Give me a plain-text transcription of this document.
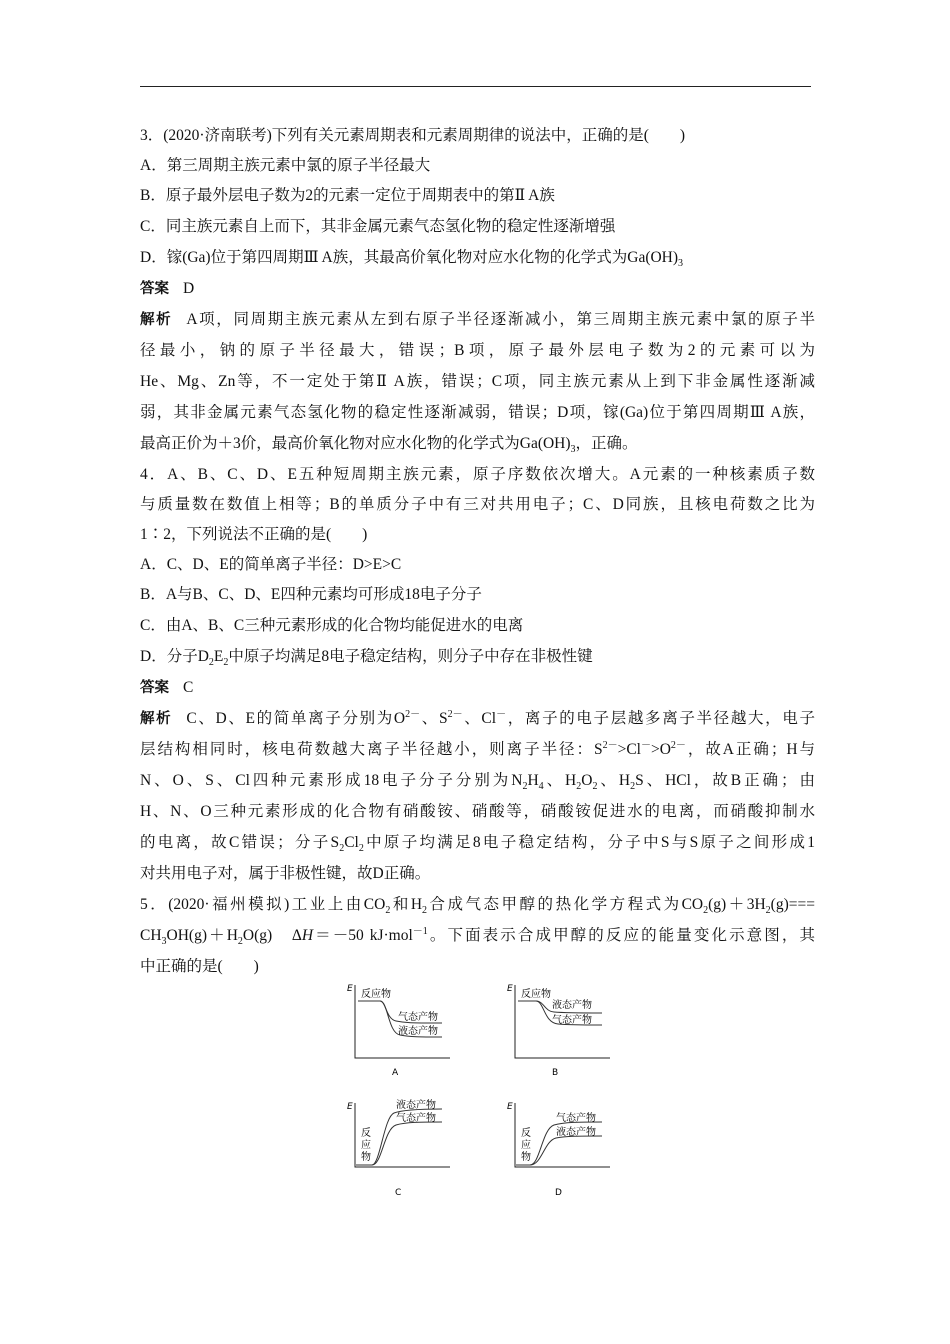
3．(2020·济南联考)下列有关元素周期表和元素周期律的说法中，正确的是(　　)
A．第三周期主族元素中氯的原子半径最大
B．原子最外层电子数为2的元素一定位于周期表中的第Ⅱ A族
C．同主族元素自上而下，其非金属元素气态氢化物的稳定性逐渐增强
D．镓(Ga)位于第四周期Ⅲ A族，其最高价氧化物对应水化物的化学式为$Ga(OH)_3$
答案 D
解析 A项，同周期主族元素从左到右原子半径逐渐减小，第三周期主族元素中氯的原子半
径最小，钠的原子半径最大，错误；B项，原子最外层电子数为2的元素可以为
He、Mg、Zn等，不一定处于第Ⅱ A族，错误；C项，同主族元素从上到下非金属性逐渐减
弱，其非金属元素气态氢化物的稳定性逐渐减弱，错误；D项，镓(Ga)位于第四周期Ⅲ A族，
最高正价为＋3价，最高价氧化物对应水化物的化学式为$Ga(OH)_3$，正确。
4．A、B、C、D、E五种短周期主族元素，原子序数依次增大。A元素的一种核素质子数
与质量数在数值上相等；B的单质分子中有三对共用电子；C、D同族，且核电荷数之比为
1∶2，下列说法不正确的是(　　)
A．C、D、E的简单离子半径：D>E>C
B．A与B、C、D、E四种元素均可形成18电子分子
C．由A、B、C三种元素形成的化合物均能促进水的电离
D．分子$D_2E_2$中原子均满足8电子稳定结构，则分子中存在非极性键
答案 C
解析 C、D、E的简单离子分别为$O^{2-}$、$S^{2-}$、Cl－，离子的电子层越多离子半径越大，电子
层结构相同时，核电荷数越大离子半径越小，则离子半径：$S^{2-}>Cl^->O^{2-}$，故A正确；H与
N、O、S、Cl四种元素形成18电子分子分别为$N_2H_4$、$H_2O_2$、$H_2S$、HCl，故B正确；由
H、N、O三种元素形成的化合物有硝酸铵、硝酸等，硝酸铵促进水的电离，而硝酸抑制水
的电离，故C错误；分子$S_2Cl_2$中原子均满足8电子稳定结构，分子中S与S原子之间形成1
对共用电子对，属于非极性键，故D正确。
5．(2020·福州模拟)工业上由$CO_2$和$H_2$合成气态甲醇的热化学方程式为$CO_2(g)+3H_2(g)===$
$CH_3OH(g)+H_2O(g)$　ΔH＝－50 kJ·mol$^{-1}$。下面表示合成甲醇的反应的能量变化示意图，其
中正确的是(　　)
E 反应物
气态产物
液态产物
A
E 反应物
液态产物
气态产物
B
E
反
应
物
液态产物
气态产物
C
E
反
应
物
气态产物
液态产物
D
